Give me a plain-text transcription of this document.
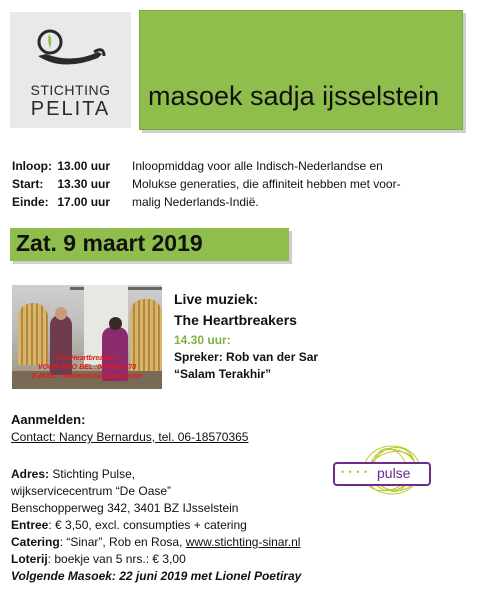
STICHTING
PELITA	masoek sadja ijsselstein
Inloop: 13.00 uur
Start: 13.30 uur
Einde: 17.00 uur
Inloopmiddag voor alle Indisch-Nederlandse en
Molukse generaties, die affiniteit hebben met voor-
malig Nederlands-Indië.
Zat. 9 maart 2019
The Heartbreakers
VOOR INFO BEL :0475551778
E-MAIL : muilercisca@gmail.com
Live muziek:
The Heartbreakers
14.30 uur:
Spreker: Rob van der Sar
“Salam Terakhir”
Aanmelden:
Contact: Nancy Bernardus, tel. 06-18570365
Adres: Stichting Pulse,
wijkservicecentrum “De Oase”
Benschopperweg 342, 3401 BZ IJsselstein
Entree: € 3,50, excl. consumpties + catering
Catering: “Sinar”, Rob en Rosa, www.stichting-sinar.nl
Loterij: boekje van 5 nrs.: € 3,00
Volgende Masoek: 22 juni 2019 met Lionel Poetiray
• • • • pulse
